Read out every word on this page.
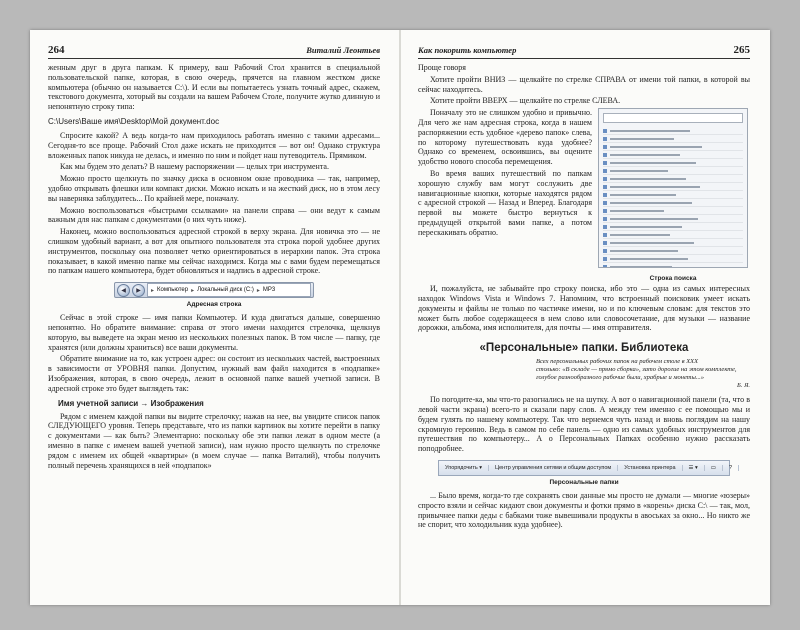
264	Виталий Леонтьев

женным друг в друга папкам. К примеру, ваш Рабочий Стол хранится в специальной пользовательской папке, которая, в свою очередь, прячется на главном жестком диске компьютера (обычно он называется C:\). И если вы попытаетесь узнать точный адрес, скажем, текстового документа, хоторый вы создали на вашем Рабочем Столе, получите жутко длинную и непонятную строку типа:

C:\Users\Ваше имя\Desktop\Мой документ.doc

Спросите какой? А ведь когда-то нам приходилось работать именно с такими адресами... Сегодня-то все проще. Рабочий Стол даже искать не приходится — вот он! Однако структура вложенных папок никуда не делась, и именно по ним и пойдет наш путеводитель. Прямиком.

Как мы будем это делать? В нашему распоряжении — целых три инструмента.

Можно просто щелкнуть по значку диска в основном окне проводника — так, например, удобно открывать флешки или компакт диски. Можно искать и на жесткий диск, но в этом лесу вы наверняка заблудитесь... По крайней мере, поначалу.

Можно воспользоваться «быстрыми ссылками» на панели справа — они ведут к самым важным для нас папкам с документами (о них чуть ниже).

Наконец, можно воспользоваться адресной строкой в верху экрана. Для новичка это — не слишком удобный вариант, а вот для опытного пользователя эта строка порой удобнее других инструментов, поскольку она позволяет четко ориентироваться в иерархии папок. Эта строка показывает, в какой именно папке мы сейчас находимся. Когда мы с вами будем перемещаться по папкам нашего компьютера, будет обновляться и надпись в адресной строке.

◀	▶	▸ Компьютер ▸ Локальный диск (C:) ▸ MP3
Адресная строка

Сейчас в этой строке — имя папки Компьютер. И куда двигаться дальше, совершенно непонятно. Но обратите внимание: справа от этого имени находится стрелочка, щелкнув которую, вы выведете на экран меню из нескольких полезных папок. В том числе — папку, где хранятся (или должны храниться) все ваши документы.

Обратите внимание на то, как устроен адрес: он состоит из нескольких частей, выстроенных в зависимости от УРОВНЯ папки. Допустим, нужный вам файл находится в «подпапке» Изображения, которая, в свою очередь, лежит в основной папке вашей учетной записи. В адресной строке это будет выглядеть так:

Имя учетной записи → Изображения

Рядом с именем каждой папки вы видите стрелочку; нажав на нее, вы увидите список папок СЛЕДУЮЩЕГО уровня. Теперь представьте, что из папки картинок вы хотите перейти в папку с документами — как быть? Элементарно: поскольку обе эти папки лежат в одном месте (а именно в папке с именем вашей учетной записи), нам нужно просто щелкнуть по стрелочке рядом с именем их общей «квартиры» (в моем случае — папка Виталий), чтобы получить полный перечень хранящихся в ней «подпапок»

Как покорить компьютер	265

Проще говоря

Хотите пройти ВНИЗ — щелкайте по стрелке СПРАВА от имени той папки, в которой вы сейчас находитесь.

Хотите пройти ВВЕРХ — щелкайте по стрелке СЛЕВА.

Поначалу это не слишком удобно и привычно. Для чего же нам адресная строка, когда в нашем распоряжении есть удобное «дерево папок» слева, по которому путешествовать куда удобнее? Однако со временем, освоившись, вы оцените удобство нового способа перемещения.

Во время ваших путешествий по папкам хорошую службу вам могут сослужить две навигационные кнопки, которые находятся рядом с адресной строкой — Назад и Вперед. Благодаря первой вы можете быстро вернуться к предыдущей открытой вами папке, а потом перескакивать обратно.

Строка поиска

И, пожалуйста, не забывайте про строку поиска, ибо это — одна из самых интересных находок Windows Vista и Windows 7. Напомним, что встроенный поисковик умеет искать документы и файлы не только по частичке имени, но и по ключевым словам: для текстов это может быть любое содержащееся в нем слово или словосочетание, для музыки — название дорожки, альбома, имя исполнителя, для почты — имя отправителя.

«Персональные» папки. Библиотека
Всех персональных рабочих папок на рабочем столе в XXX
столько: «В складе — прямо сборка», зато дорогие на этом комплекте, голубое разнообразного рабочие были, храбрые и монеты...»
Б. Я.

По погодите-ка, мы что-то разогнались не на шутку. А вот о навигационной панели (та, что в левой части экрана) всего-то и сказали пару слов. А между тем именно с ее помощью мы и будем гулять по нашему компьютеру. Так что вернемся чуть назад и вновь поглядим на нашу скромную героиню. Ведь в самом по себе панель — одно из самых удобных инструментов для путешествия по компьютеру... А о Персональных Папках особенно нужно рассказать поподробнее.

Упорядочить ▾	Центр управления сетями и общим доступом	Установка принтера	☰ ▾	▭	?
Персональные папки

... Было время, когда-то где сохранять свои данные мы просто не думали — многие «юзеры» спросто взяли и сейчас кидают свои документы и фотки прямо в «корень» диска C:\ — так, мол, привычнее папки деды с бабками тоже вывешивали продукты в авоськах за окно... Но никто же не спорит, что холодильник куда удобнее).
